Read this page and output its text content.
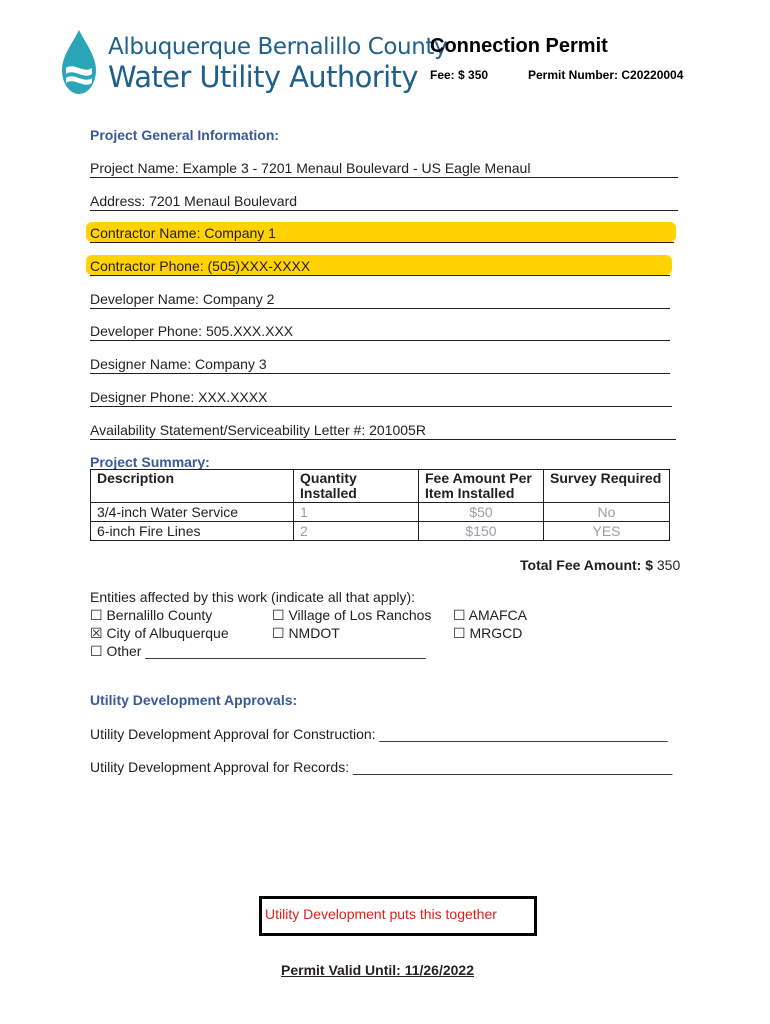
Albuquerque Bernalillo County
Water Utility Authority
Connection Permit
Fee: $ 350	Permit Number: C20220004
Project General Information:
Project Name: Example 3 - 7201 Menaul Boulevard - US Eagle Menaul
Address: 7201 Menaul Boulevard
Contractor Name: Company 1
Contractor Phone: (505)XXX-XXXX
Developer Name: Company 2
Developer Phone: 505.XXX.XXX
Designer Name: Company 3
Designer Phone: XXX.XXXX
Availability Statement/Serviceability Letter #: 201005R
Project Summary:
Description	Quantity Installed	Fee Amount Per Item Installed	Survey Required
3/4-inch Water Service	1	$50	No
6-inch Fire Lines	2	$150	YES
Total Fee Amount: $ 350
Entities affected by this work (indicate all that apply):
☐ Bernalillo County	☐ Village of Los Ranchos ☐ AMAFCA
☒ City of Albuquerque	☐ NMDOT	☐ MRGCD
☐ Other ____________________________________
Utility Development Approvals:
Utility Development Approval for Construction: _____________________________________
Utility Development Approval for Records: _________________________________________
Utility Development puts this together
Permit Valid Until: 11/26/2022
